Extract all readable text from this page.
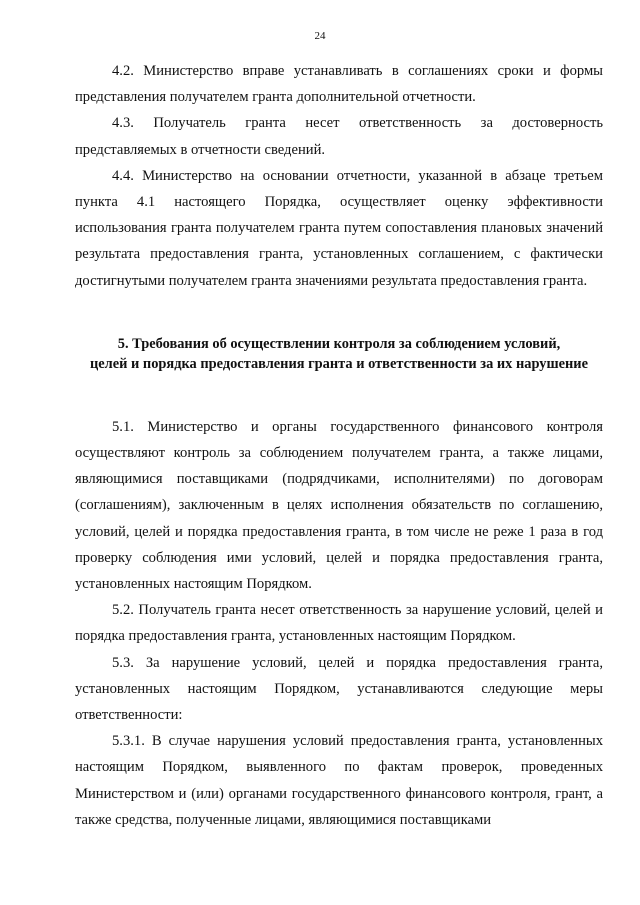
24

4.2. Министерство вправе устанавливать в соглашениях сроки и формы представления получателем гранта дополнительной отчетности.

4.3. Получатель гранта несет ответственность за достоверность представляемых в отчетности сведений.

4.4. Министерство на основании отчетности, указанной в абзаце третьем пункта 4.1 настоящего Порядка, осуществляет оценку эффективности использования гранта получателем гранта путем сопоставления плановых значений результата предоставления гранта, установленных соглашением, с фактически достигнутыми получателем гранта значениями результата предоставления гранта.

5. Требования об осуществлении контроля за соблюдением условий,
целей и порядка предоставления гранта и ответственности за их нарушение

5.1. Министерство и органы государственного финансового контроля осуществляют контроль за соблюдением получателем гранта, а также лицами, являющимися поставщиками (подрядчиками, исполнителями) по договорам (соглашениям), заключенным в целях исполнения обязательств по соглашению, условий, целей и порядка предоставления гранта, в том числе не реже 1 раза в год проверку соблюдения ими условий, целей и порядка предоставления гранта, установленных настоящим Порядком.

5.2. Получатель гранта несет ответственность за нарушение условий, целей и порядка предоставления гранта, установленных настоящим Порядком.

5.3. За нарушение условий, целей и порядка предоставления гранта, установленных настоящим Порядком, устанавливаются следующие меры ответственности:

5.3.1. В случае нарушения условий предоставления гранта, установленных настоящим Порядком, выявленного по фактам проверок, проведенных Министерством и (или) органами государственного финансового контроля, грант, а также средства, полученные лицами, являющимися поставщиками
